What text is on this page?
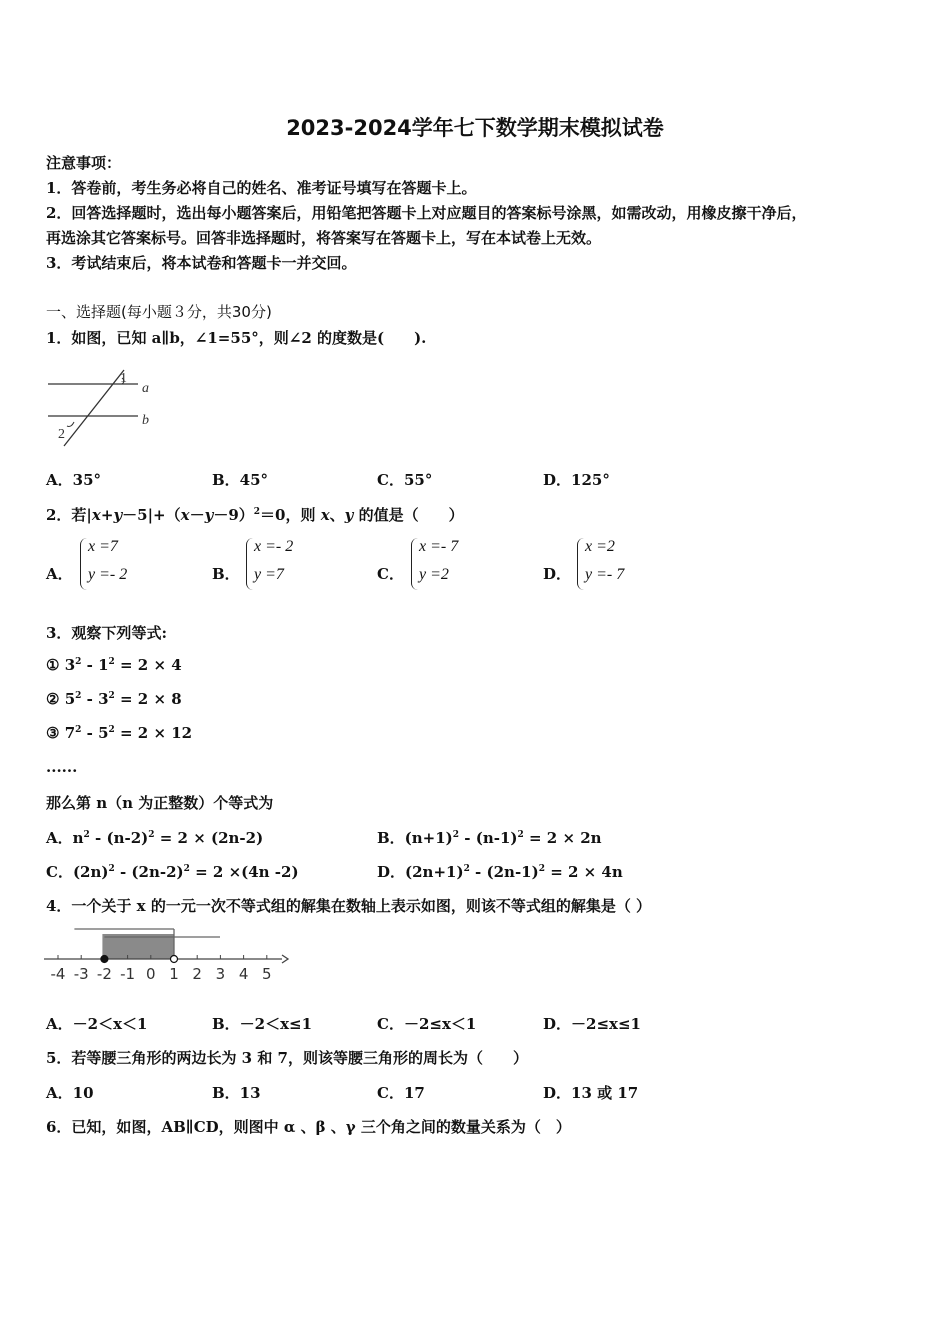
2023-2024学年七下数学期末模拟试卷
注意事项：
1．答卷前，考生务必将自己的姓名、准考证号填写在答题卡上。
2．回答选择题时，选出每小题答案后，用铅笔把答题卡上对应题目的答案标号涂黑，如需改动，用橡皮擦干净后，
再选涂其它答案标号。回答非选择题时，将答案写在答题卡上，写在本试卷上无效。
3．考试结束后，将本试卷和答题卡一并交回。
一、选择题(每小题３分，共30分)
1．如图，已知 a∥b，∠1=55°，则∠2 的度数是(　　).
1
a
b
2
A．35°	B．45°	C．55°	D．125°
2．若$|x+y-5|+(x-y-9)^2=0$，则 x、y 的值是（　　）
A．
x =7
y =- 2	B．
x =- 2
y =7	C．
x =- 7
y =2	D．
x =2
y =- 7
3．观察下列等式:
① $3^2 - 1^2 = 2 \times 4$
② $5^2 - 3^2 = 2 \times 8$
③ $7^2 - 5^2 = 2 \times 12$
......
那么第 n（n 为正整数）个等式为
A．$n^2 - (n-2)^2 = 2 \times (2n-2)$	B．$(n+1)^2 - (n-1)^2 = 2 \times 2n$
C．$(2n)^2 - (2n-2)^2 = 2 \times(4n$ -2)	D．$(2n+1)^2 - (2n-1)^2 = 2 \times 4n$
4．一个关于 x 的一元一次不等式组的解集在数轴上表示如图，则该不等式组的解集是（ ）
-4 -3 -2 -1 0 1 2 3 4 5
A．－2＜x＜1	B．－2＜x≤1	C．－2≤x＜1	D．－2≤x≤1
5．若等腰三角形的两边长为 3 和 7，则该等腰三角形的周长为（　　）
A．10	B．13	C．17	D．13 或 17
6．已知，如图，AB∥CD，则图中 α 、β 、γ 三个角之间的数量关系为（　）
